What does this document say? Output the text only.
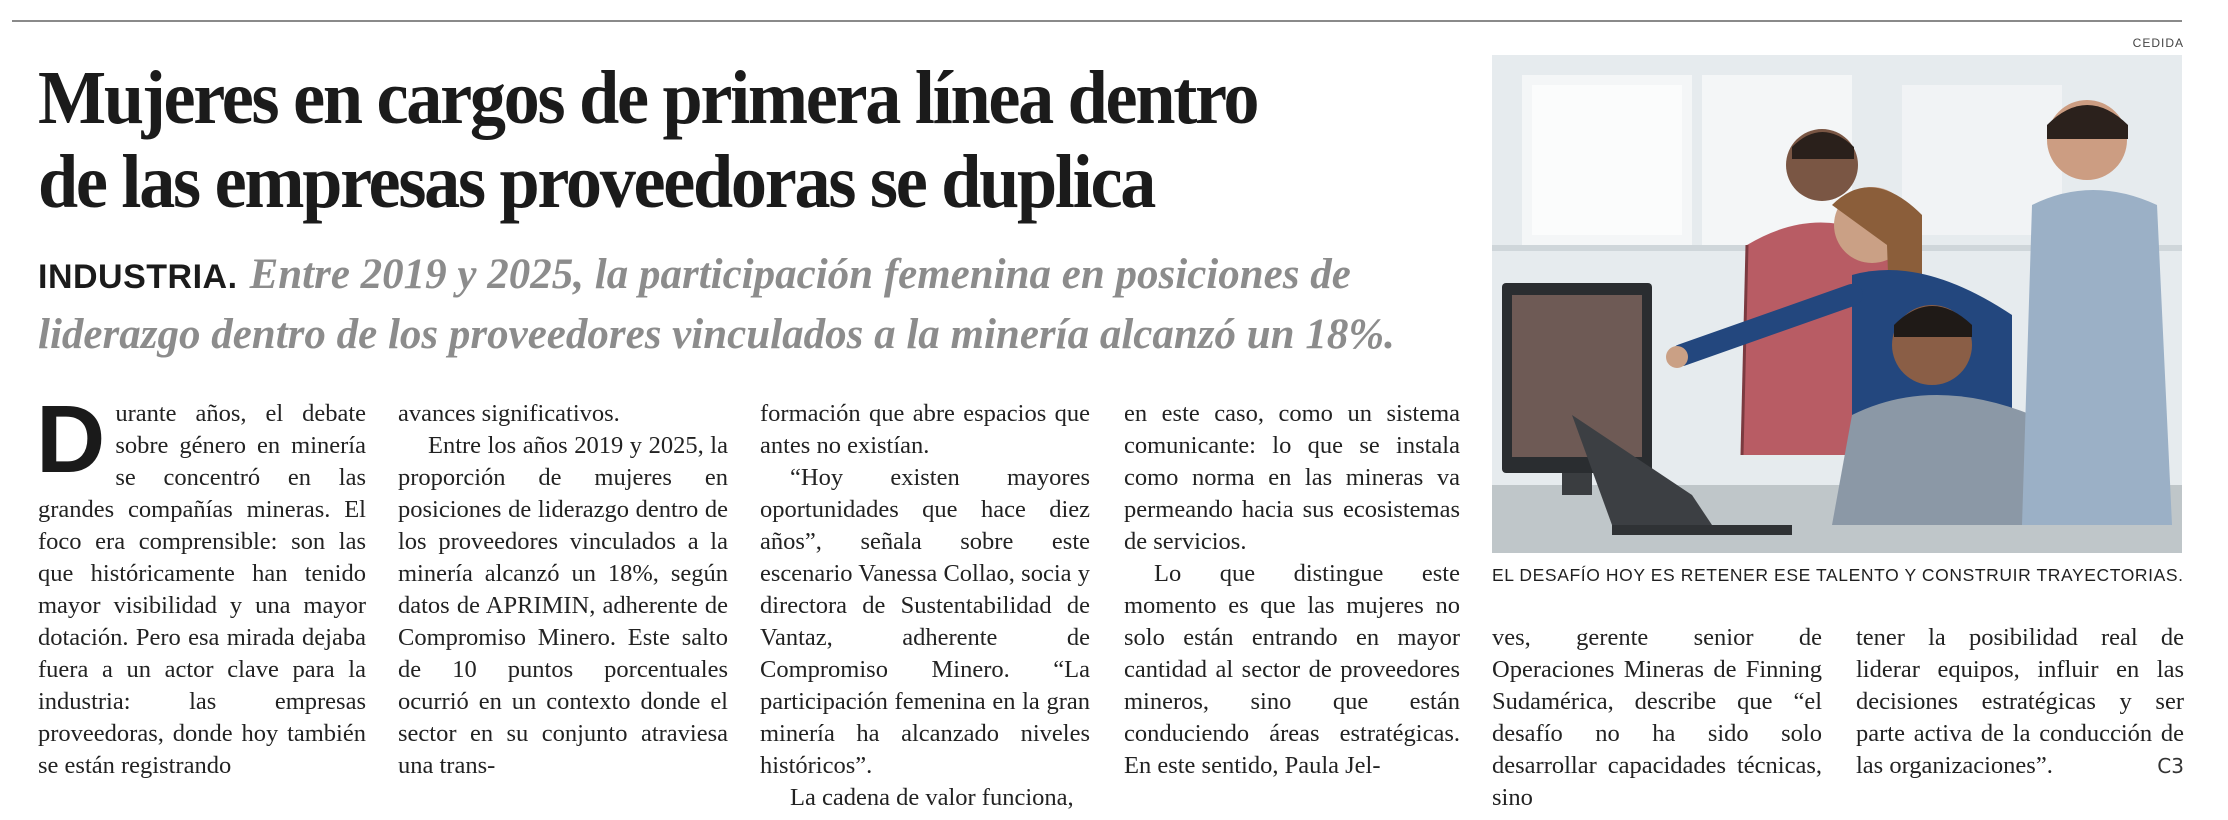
Mujeres en cargos de primera línea dentro
de las empresas proveedoras se duplica
INDUSTRIA. Entre 2019 y 2025, la participación femenina en posiciones de liderazgo dentro de los proveedores vinculados a la minería alcanzó un 18%.

Durante años, el debate sobre género en minería se concentró en las grandes compañías mineras. El foco era comprensible: son las que históricamente han tenido mayor visibilidad y una mayor dotación. Pero esa mirada dejaba fuera a un actor clave para la industria: las empresas proveedoras, donde hoy también se están registrando

avances significativos.

Entre los años 2019 y 2025, la proporción de mujeres en posiciones de liderazgo dentro de los proveedores vinculados a la minería alcanzó un 18%, según datos de APRIMIN, adherente de Compromiso Minero. Este salto de 10 puntos porcentuales ocurrió en un contexto donde el sector en su conjunto atraviesa una trans-

formación que abre espacios que antes no existían.

“Hoy existen mayores oportunidades que hace diez años”, señala sobre este escenario Vanessa Collao, socia y directora de Sustentabilidad de Vantaz, adherente de Compromiso Minero. “La participación femenina en la gran minería ha alcanzado niveles históricos”.

La cadena de valor funciona,

en este caso, como un sistema comunicante: lo que se instala como norma en las mineras va permeando hacia sus ecosistemas de servicios.

Lo que distingue este momento es que las mujeres no solo están entrando en mayor cantidad al sector de proveedores mineros, sino que están conduciendo áreas estratégicas. En este sentido, Paula Jel-

ves, gerente senior de Operaciones Mineras de Finning Sudamérica, describe que “el desafío no ha sido solo desarrollar capacidades técnicas, sino

tener la posibilidad real de liderar equipos, influir en las decisiones estratégicas y ser parte activa de la conducción de las organizaciones”.	C3

CEDIDA
EL DESAFÍO HOY ES RETENER ESE TALENTO Y CONSTRUIR TRAYECTORIAS.
